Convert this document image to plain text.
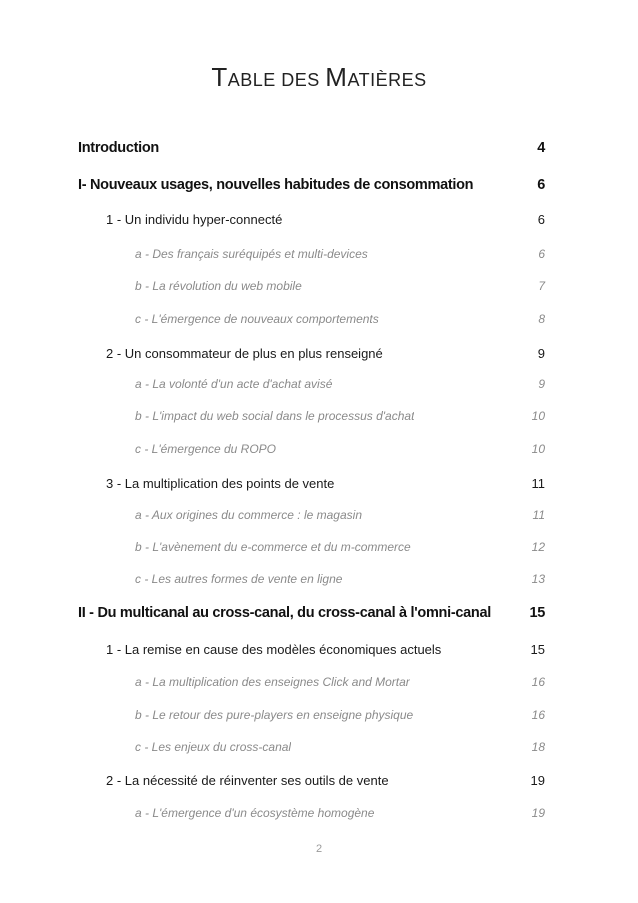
TABLE DES MATIÈRES
Introduction	4
I- Nouveaux usages, nouvelles habitudes de consommation	6
1 - Un individu hyper-connecté	6
a - Des français suréquipés et multi-devices	6
b - La révolution du web mobile	7
c - L'émergence de nouveaux comportements	8
2 - Un consommateur de plus en plus renseigné	9
a - La volonté d'un acte d'achat avisé	9
b - L'impact du web social dans le processus d'achat	10
c - L'émergence du ROPO	10
3 - La multiplication des points de vente	11
a - Aux origines du commerce : le magasin	11
b - L'avènement du e-commerce et du m-commerce	12
c - Les autres formes de vente en ligne	13
II - Du multicanal au cross-canal, du cross-canal à l'omni-canal	15
1 - La remise en cause des modèles économiques actuels	15
a - La multiplication des enseignes Click and Mortar	16
b - Le retour des pure-players en enseigne physique	16
c - Les enjeux du cross-canal	18
2 - La nécessité de réinventer ses outils de vente	19
a - L'émergence d'un écosystème homogène	19
2
